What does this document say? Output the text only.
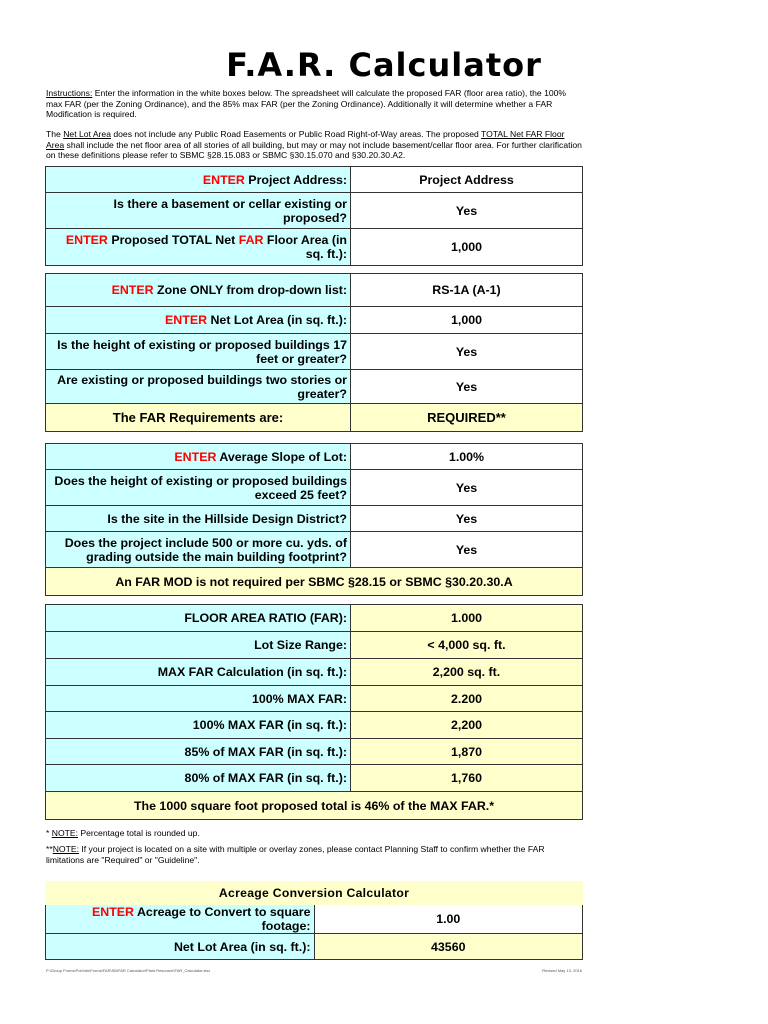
F.A.R. Calculator
Instructions: Enter the information in the white boxes below. The spreadsheet will calculate the proposed FAR (floor area ratio), the 100% max FAR (per the Zoning Ordinance), and the 85% max FAR (per the Zoning Ordinance). Additionally it will determine whether a FAR Modification is required.
The Net Lot Area does not include any Public Road Easements or Public Road Right-of-Way areas. The proposed TOTAL Net FAR Floor Area shall include the net floor area of all stories of all building, but may or may not include basement/cellar floor area. For further clarification on these definitions please refer to SBMC §28.15.083 or SBMC §30.15.070 and §30.20.30.A2.
ENTER Project Address:	Project Address
Is there a basement or cellar existing or proposed?	Yes
ENTER Proposed TOTAL Net FAR Floor Area (in sq. ft.):	1,000
ENTER Zone ONLY from drop-down list:	RS-1A (A-1)
ENTER Net Lot Area (in sq. ft.):	1,000
Is the height of existing or proposed buildings 17 feet or greater?	Yes
Are existing or proposed buildings two stories or greater?	Yes
The FAR Requirements are:	REQUIRED**
ENTER Average Slope of Lot:	1.00%
Does the height of existing or proposed buildings exceed 25 feet?	Yes
Is the site in the Hillside Design District?	Yes
Does the project include 500 or more cu. yds. of grading outside the main building footprint?	Yes
An FAR MOD is not required per SBMC §28.15 or SBMC §30.20.30.A	
FLOOR AREA RATIO (FAR):	1.000
Lot Size Range:	< 4,000 sq. ft.
MAX FAR Calculation (in sq. ft.):	2,200 sq. ft.
100% MAX FAR:	2.200
100% MAX FAR (in sq. ft.):	2,200
85% of MAX FAR (in sq. ft.):	1,870
80% of MAX FAR (in sq. ft.):	1,760
The 1000 square foot proposed total is 46% of the MAX FAR.*	
* NOTE: Percentage total is rounded up.
**NOTE: If your project is located on a site with multiple or overlay zones, please contact Planning Staff to confirm whether the FAR limitations are "Required" or "Guideline".
Acreage Conversion Calculator	
ENTER Acreage to Convert to square footage:	1.00
Net Lot Area (in sq. ft.):	43560
P:\Group Forms\Pol/Info\Forms\FAR\SB\FAR Calculator\Plant Resource\FAR_Calculator.xlsx	Revised May 13, 2016
